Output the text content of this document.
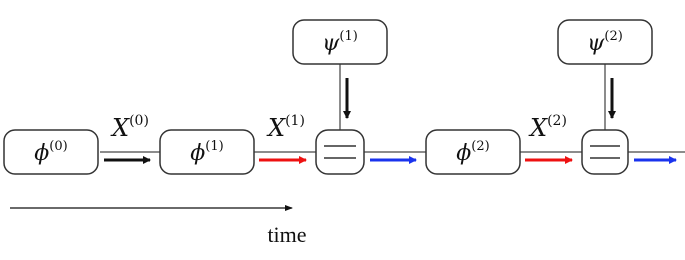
$\phi^{(0)}$	$\phi^{(1)}$	$\phi^{(2)}$
$\psi^{(1)}$	$\psi^{(2)}$
X(0)	X(1)	X(2)
time
